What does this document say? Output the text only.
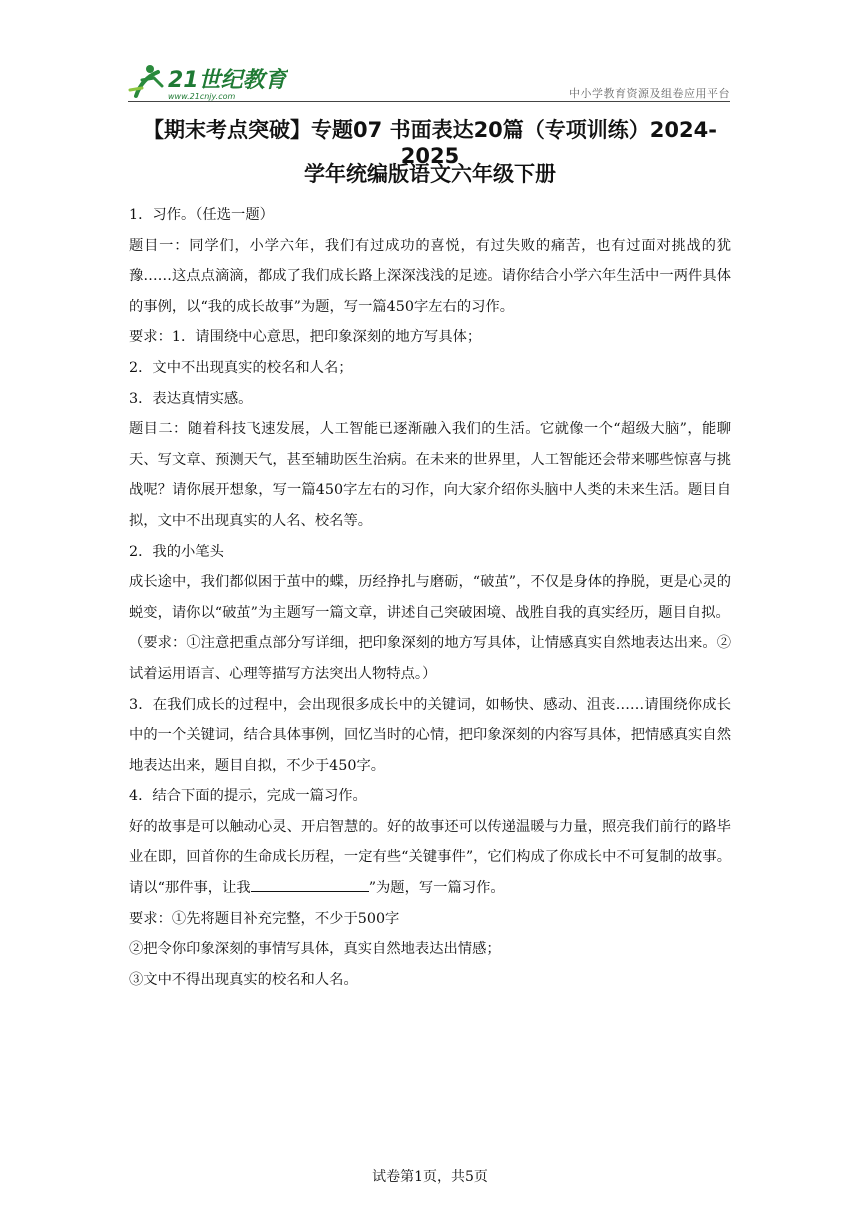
21世纪教育
www.21cnjy.com	中小学教育资源及组卷应用平台
【期末考点突破】专题07 书面表达20篇（专项训练）2024-2025
学年统编版语文六年级下册

1．习作。（任选一题）

题目一：同学们，小学六年，我们有过成功的喜悦，有过失败的痛苦，也有过面对挑战的犹豫……这点点滴滴，都成了我们成长路上深深浅浅的足迹。请你结合小学六年生活中一两件具体的事例，以“我的成长故事”为题，写一篇450字左右的习作。

要求：1．请围绕中心意思，把印象深刻的地方写具体；

2．文中不出现真实的校名和人名；

3．表达真情实感。

题目二：随着科技飞速发展，人工智能已逐渐融入我们的生活。它就像一个“超级大脑”，能聊天、写文章、预测天气，甚至辅助医生治病。在未来的世界里，人工智能还会带来哪些惊喜与挑战呢？请你展开想象，写一篇450字左右的习作，向大家介绍你头脑中人类的未来生活。题目自拟，文中不出现真实的人名、校名等。

2．我的小笔头

成长途中，我们都似困于茧中的蝶，历经挣扎与磨砺，“破茧”，不仅是身体的挣脱，更是心灵的蜕变，请你以“破茧”为主题写一篇文章，讲述自己突破困境、战胜自我的真实经历，题目自拟。

（要求：①注意把重点部分写详细，把印象深刻的地方写具体，让情感真实自然地表达出来。②试着运用语言、心理等描写方法突出人物特点。）

3．在我们成长的过程中，会出现很多成长中的关键词，如畅快、感动、沮丧……请围绕你成长中的一个关键词，结合具体事例，回忆当时的心情，把印象深刻的内容写具体，把情感真实自然地表达出来，题目自拟，不少于450字。

4．结合下面的提示，完成一篇习作。

好的故事是可以触动心灵、开启智慧的。好的故事还可以传递温暖与力量，照亮我们前行的路毕业在即，回首你的生命成长历程，一定有些“关键事件”，它们构成了你成长中不可复制的故事。请以“那件事，让我	”为题，写一篇习作。

要求：①先将题目补充完整，不少于500字

②把令你印象深刻的事情写具体，真实自然地表达出情感；

③文中不得出现真实的校名和人名。

试卷第1页，共5页
